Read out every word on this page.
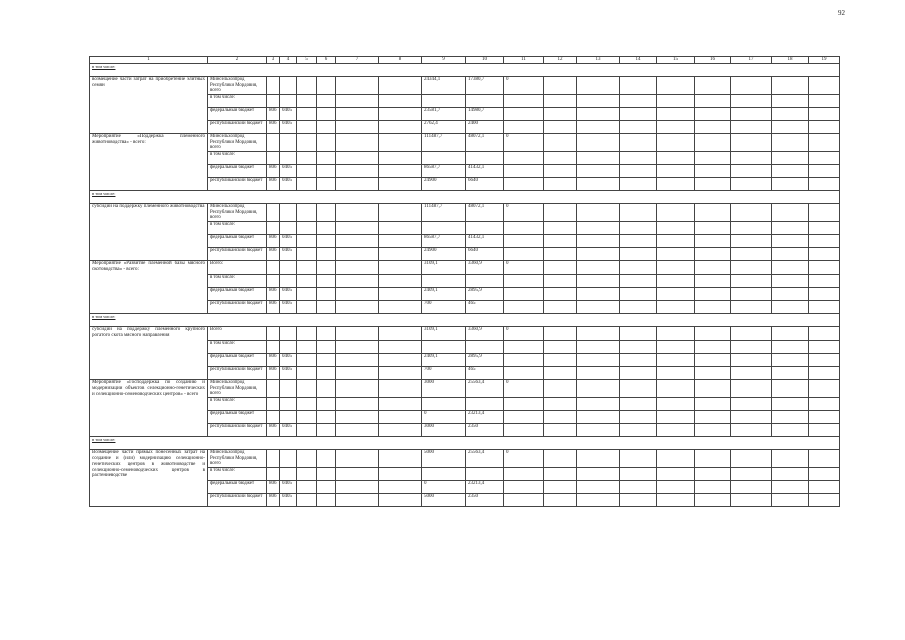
92
1	2	3	4	5	6	7	8	9	10	11	12	13	14	15	16	17	18	19
в том числе:																		
возмещение части затрат на приобретение элитных семян	Минсельхозпрод Республики Мордовия, всего							24344,1	17380,7	0								
	в том числе:																	
	федеральный бюджет	806	0405					23581,7	14980,7									
	республиканский бюджет	806	0405					2762,4	2400									
Мероприятие «Поддержка племенного животноводства» - всего:	Минсельхозпрод Республики Мордовия, всего							111487,7	48072,1	0								
	в том числе:																	
	федеральный бюджет	806	0405					86587,7	41432,1									
	республиканский бюджет	806	0405					24900	6640									
в том числе:																		
субсидии на поддержку племенного животноводства	Минсельхозпрод Республики Мордовия, всего							111487,7	48072,1	0								
	в том числе:																	
	федеральный бюджет	806	0405					86587,7	41432,1									
	республиканский бюджет	806	0405					24900	6640									
Мероприятие «Развитие племенной базы мясного скотоводства» - всего:	Всего:							3109,1	3360,9	0								
	в том числе:																	
	федеральный бюджет	806	0405					2409,1	2895,9									
	республиканский бюджет	806	0405					700	465									
в том числе:																		
субсидии на поддержку племенного крупного рогатого скота мясного направления	Всего							3109,1	3360,9	0								
	в том числе:																	
	федеральный бюджет	806	0405					2409,1	2895,9									
	республиканский бюджет	806	0405					700	465									
Мероприятие «Господдержка по созданию и модернизации объектов селекционно-генетических и селекционно-семеноводческих центров» - всего	Минсельхозпрод Республики Мордовия, всего							3000	25563,4	0								
	в том числе:																	
	федеральный бюджет							0	23213,4									
	республиканский бюджет	806	0405					3000	2350									
в том числе:																		
Возмещение части прямых понесенных затрат на создание и (или) модернизацию селекционно-генетических центров в животноводстве и селекционно-семеноводческих центров в растениеводстве	Минсельхозпрод Республики Мордовия, всего							5000	25563,4	0								
	в том числе:																	
	федеральный бюджет	806	0405					0	23213,4									
	республиканский бюджет	806	0405					5000	2350									
